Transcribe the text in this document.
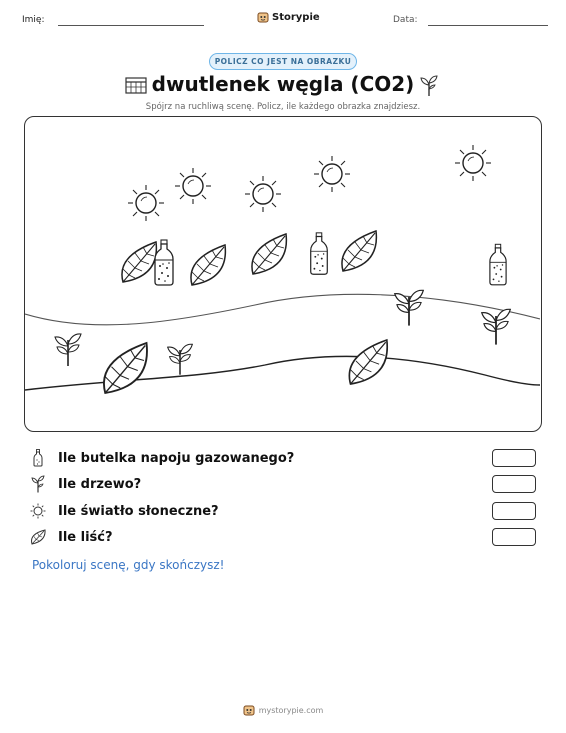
Imię:	Storypie	Data:
POLICZ CO JEST NA OBRAZKU
dwutlenek węgla (CO2)
Spójrz na ruchliwą scenę. Policz, ile każdego obrazka znajdziesz.
Ile butelka napoju gazowanego?
Ile drzewo?
Ile światło słoneczne?
Ile liść?
Pokoloruj scenę, gdy skończysz!
mystorypie.com
